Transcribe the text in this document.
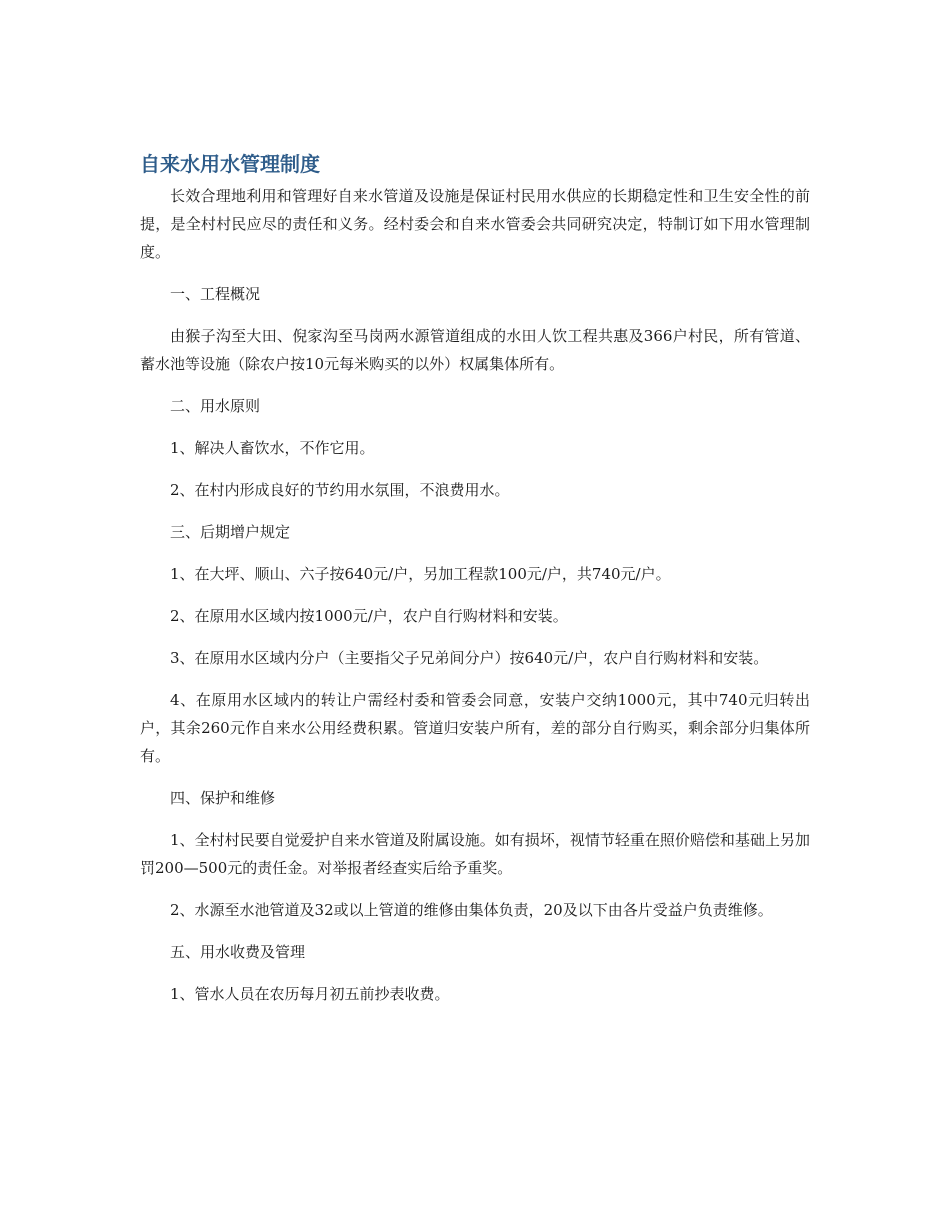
自来水用水管理制度

长效合理地利用和管理好自来水管道及设施是保证村民用水供应的长期稳定性和卫生安全性的前提，是全村村民应尽的责任和义务。经村委会和自来水管委会共同研究决定，特制订如下用水管理制度。

一、工程概况

由猴子沟至大田、倪家沟至马岗两水源管道组成的水田人饮工程共惠及366户村民，所有管道、蓄水池等设施（除农户按10元每米购买的以外）权属集体所有。

二、用水原则

1、解决人畜饮水，不作它用。

2、在村内形成良好的节约用水氛围，不浪费用水。

三、后期增户规定

1、在大坪、顺山、六子按640元/户，另加工程款100元/户，共740元/户。

2、在原用水区域内按1000元/户，农户自行购材料和安装。

3、在原用水区域内分户（主要指父子兄弟间分户）按640元/户，农户自行购材料和安装。

4、在原用水区域内的转让户需经村委和管委会同意，安装户交纳1000元，其中740元归转出户，其余260元作自来水公用经费积累。管道归安装户所有，差的部分自行购买，剩余部分归集体所有。

四、保护和维修

1、全村村民要自觉爱护自来水管道及附属设施。如有损坏，视情节轻重在照价赔偿和基础上另加罚200—500元的责任金。对举报者经查实后给予重奖。

2、水源至水池管道及32或以上管道的维修由集体负责，20及以下由各片受益户负责维修。

五、用水收费及管理

1、管水人员在农历每月初五前抄表收费。
